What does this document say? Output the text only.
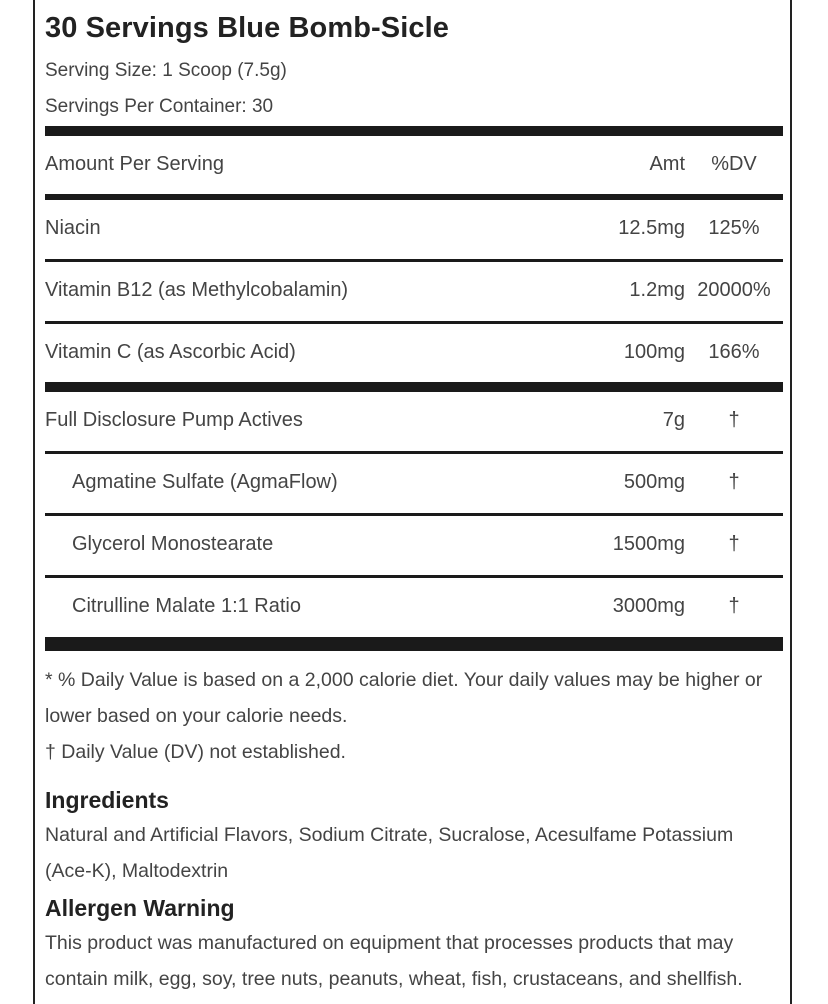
30 Servings Blue Bomb-Sicle
Serving Size: 1 Scoop (7.5g)
Servings Per Container: 30
Amount Per Serving	Amt	%DV
Niacin	12.5mg	125%
Vitamin B12 (as Methylcobalamin)	1.2mg 20000%
Vitamin C (as Ascorbic Acid)	100mg	166%
Full Disclosure Pump Actives	7g	†
Agmatine Sulfate (AgmaFlow)	500mg	†
Glycerol Monostearate	1500mg	†
Citrulline Malate 1:1 Ratio	3000mg	†
* % Daily Value is based on a 2,000 calorie diet. Your daily values may be higher or lower based on your calorie needs.
† Daily Value (DV) not established.
Ingredients
Natural and Artificial Flavors, Sodium Citrate, Sucralose, Acesulfame Potassium (Ace-K), Maltodextrin
Allergen Warning
This product was manufactured on equipment that processes products that may contain milk, egg, soy, tree nuts, peanuts, wheat, fish, crustaceans, and shellfish.
